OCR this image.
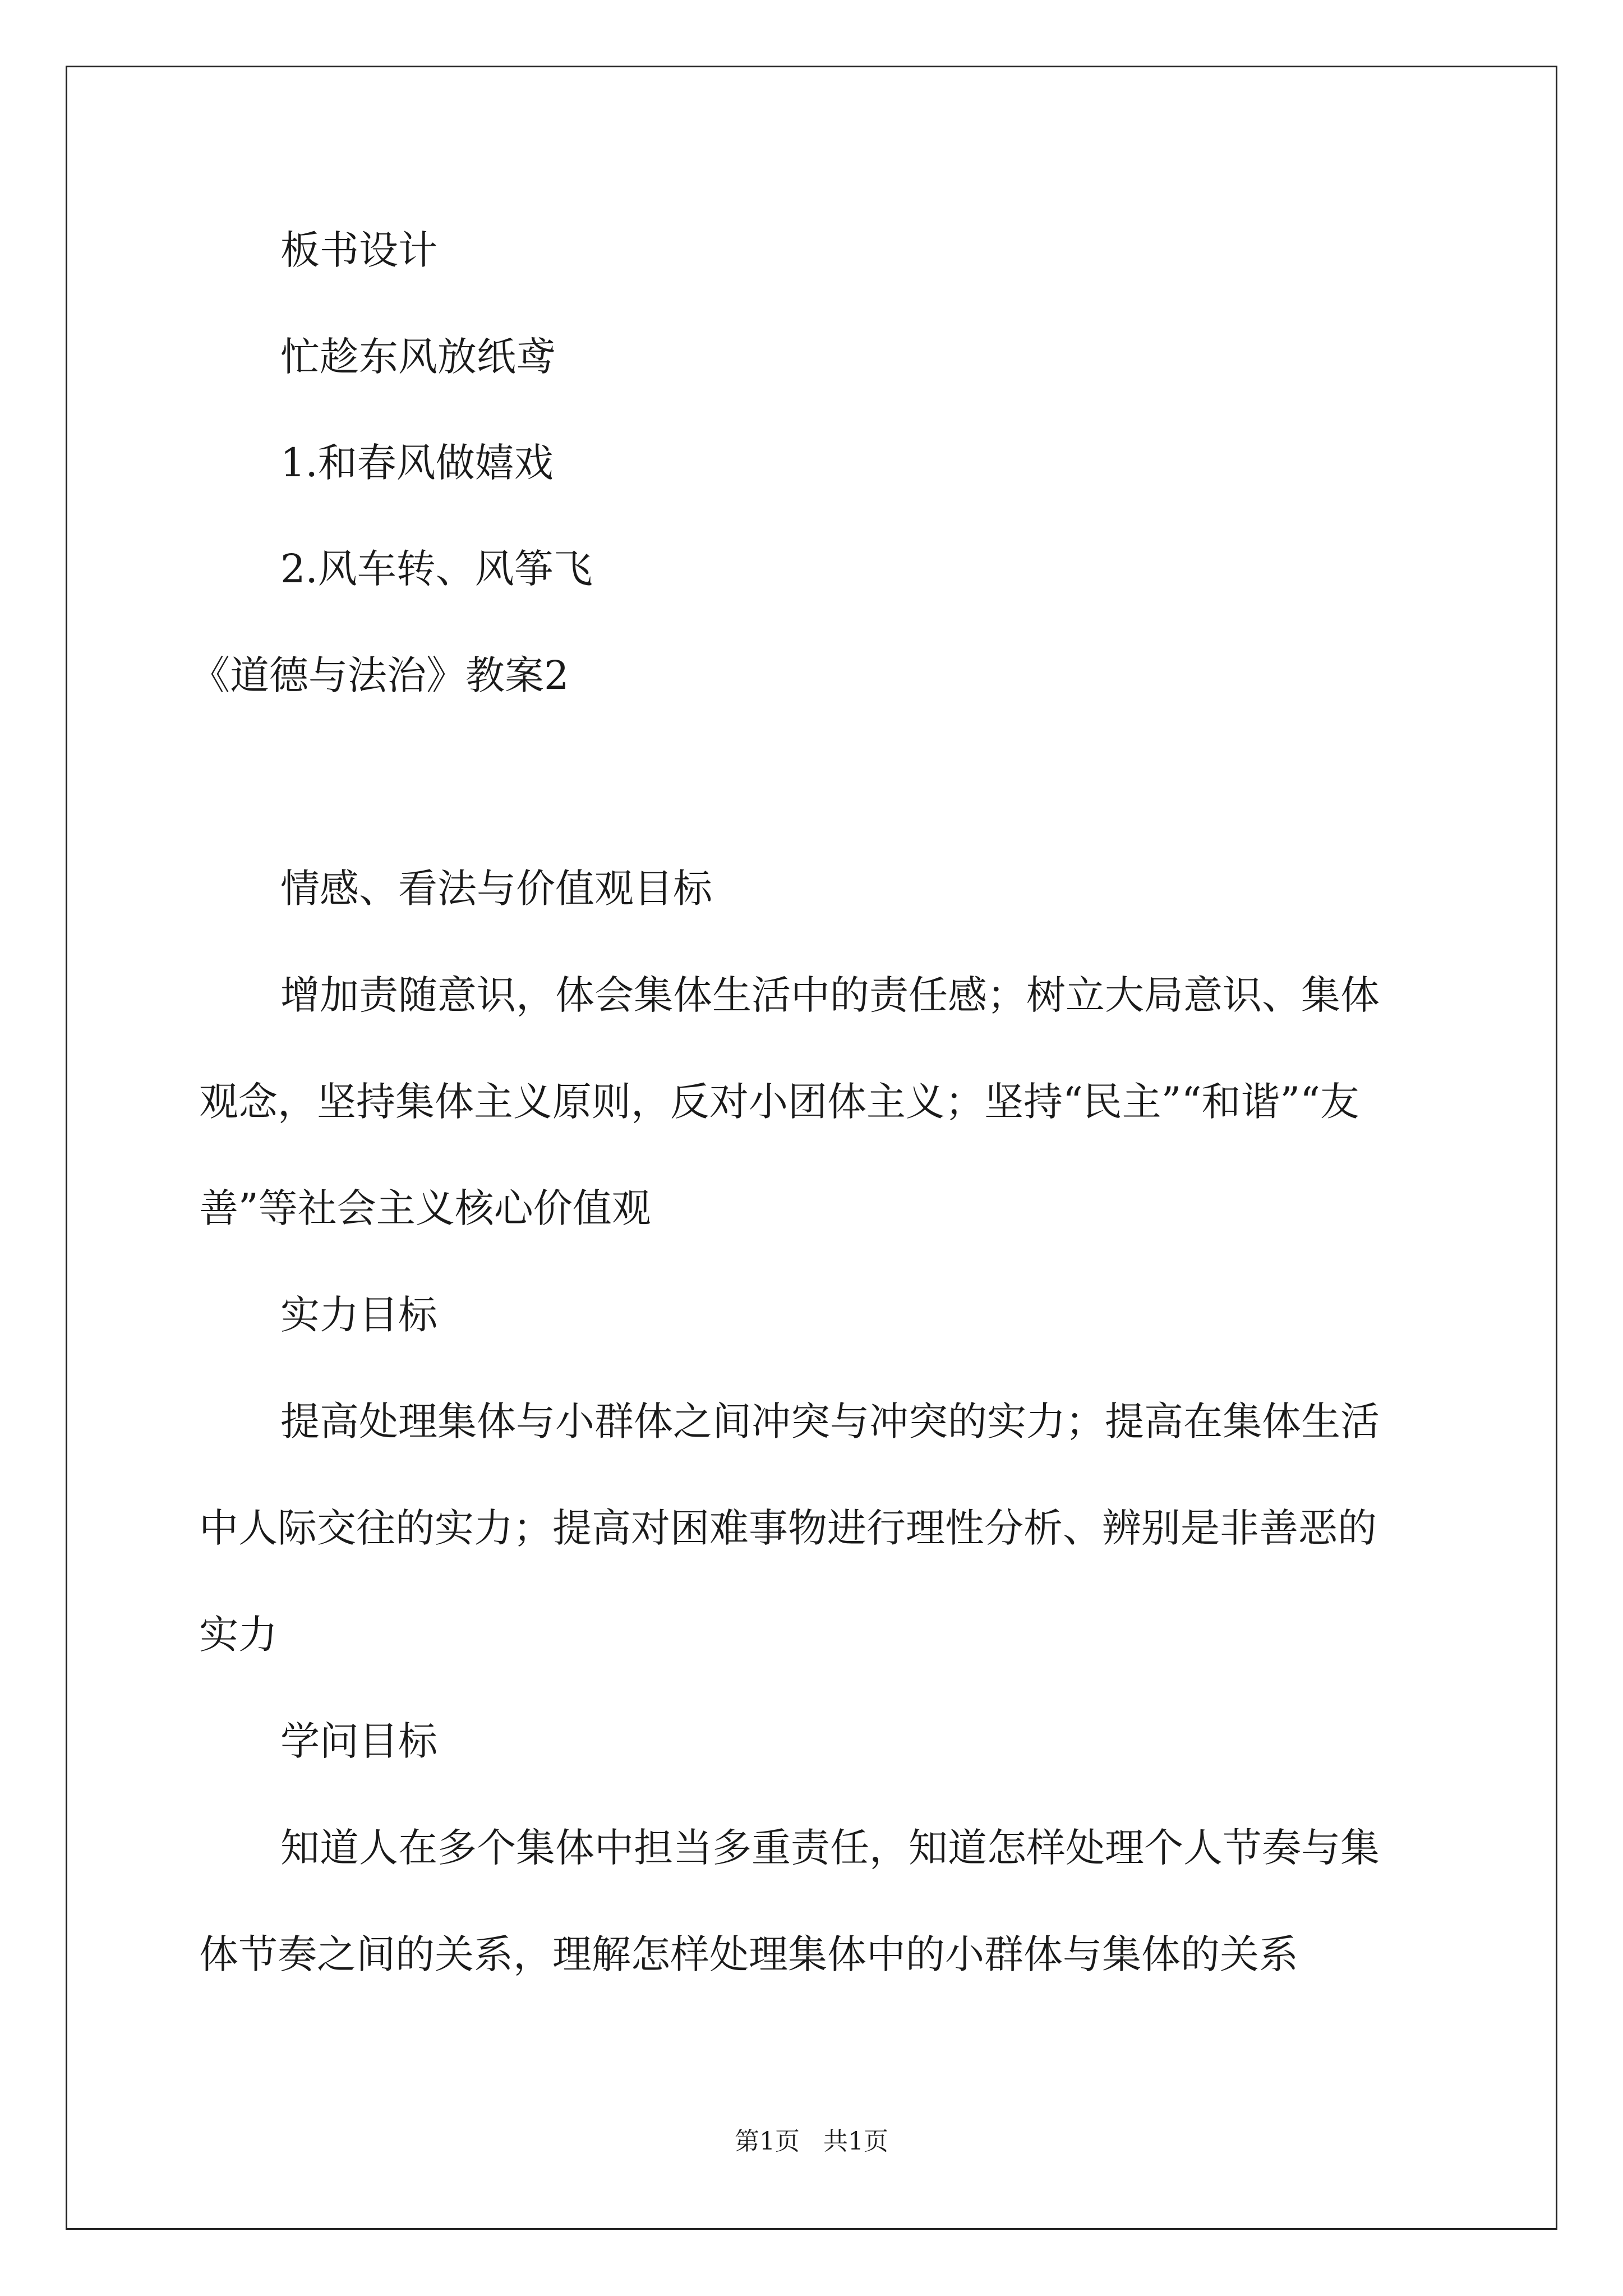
板书设计
忙趁东风放纸鸢
1.和春风做嬉戏
2.风车转、风筝飞
《道德与法治》教案2
情感、看法与价值观目标
增加责随意识，体会集体生活中的责任感；树立大局意识、集体
观念，坚持集体主义原则，反对小团体主义；坚持“民主”“和谐”“友
善”等社会主义核心价值观
实力目标
提高处理集体与小群体之间冲突与冲突的实力；提高在集体生活
中人际交往的实力；提高对困难事物进行理性分析、辨别是非善恶的
实力
学问目标
知道人在多个集体中担当多重责任，知道怎样处理个人节奏与集
体节奏之间的关系，理解怎样处理集体中的小群体与集体的关系
第1页   共1页
